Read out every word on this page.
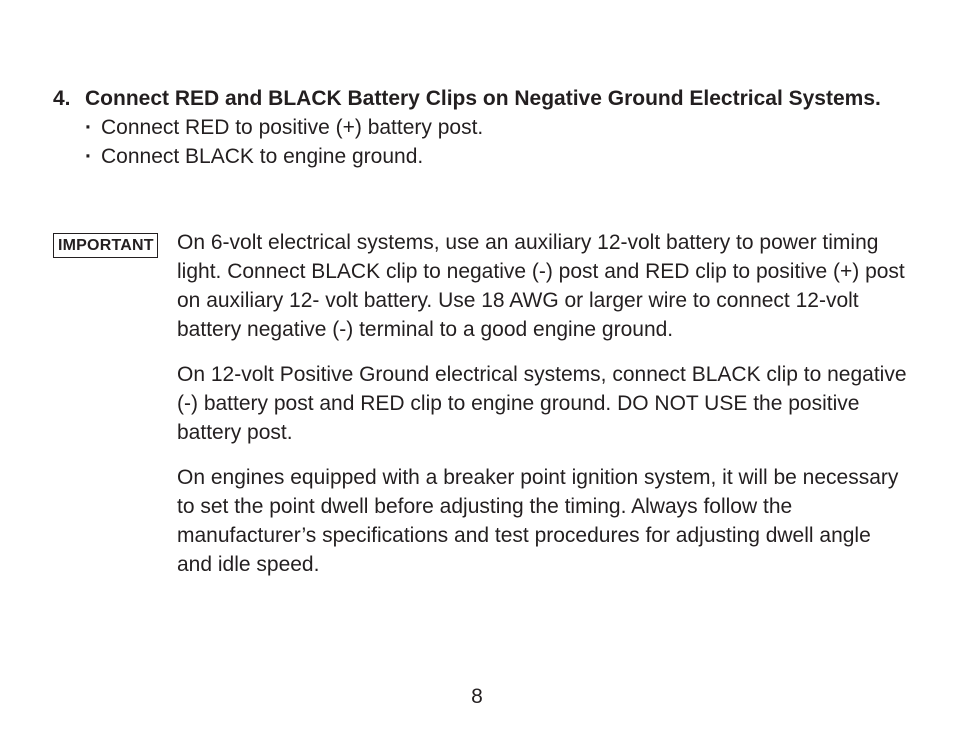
4. Connect RED and BLACK Battery Clips on Negative Ground Electrical Systems.
· Connect RED to positive (+) battery post.
· Connect BLACK to engine ground.
IMPORTANT On 6-volt electrical systems, use an auxiliary 12-volt battery to power timing light. Connect BLACK clip to negative (-) post and RED clip to positive (+) post on auxiliary 12- volt battery. Use 18 AWG or larger wire to connect 12-volt battery negative (-) terminal to a good engine ground.

On 12-volt Positive Ground electrical systems, connect BLACK clip to negative (-) battery post and RED clip to engine ground. DO NOT USE the positive battery post.

On engines equipped with a breaker point ignition system, it will be necessary to set the point dwell before adjusting the timing. Always follow the manufacturer’s specifications and test procedures for adjusting dwell angle and idle speed.

8
